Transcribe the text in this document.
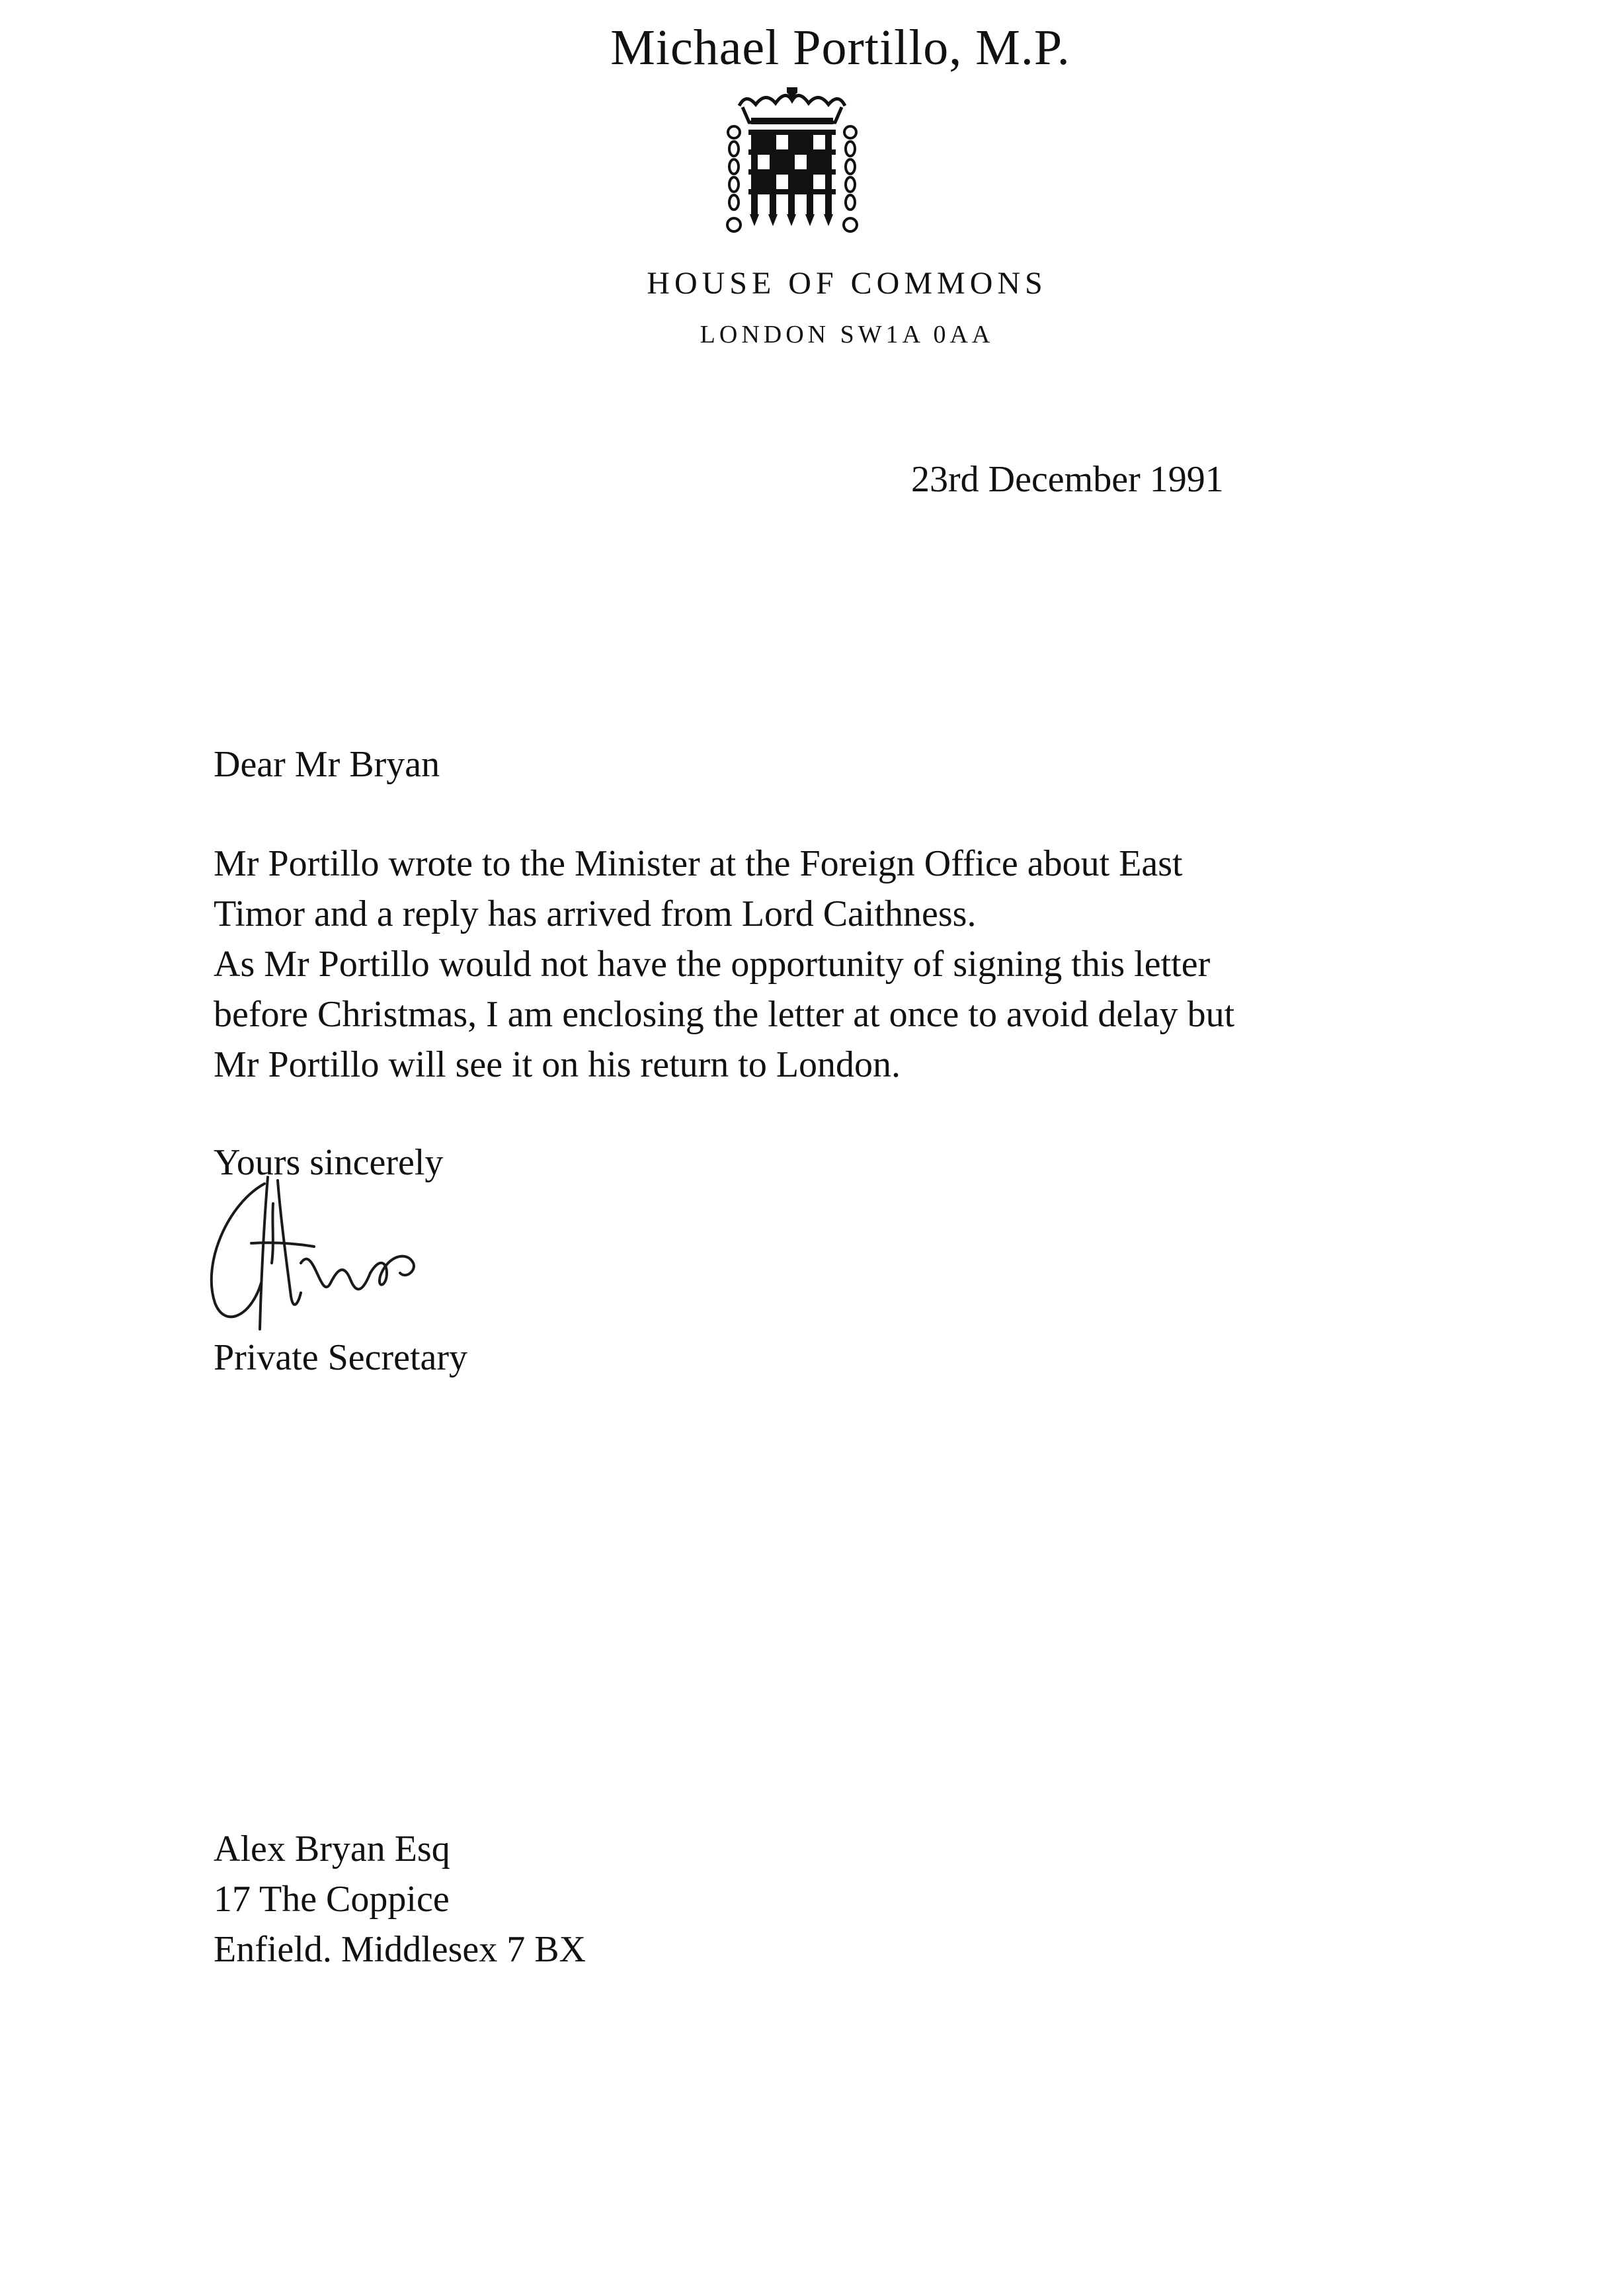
Michael Portillo, M.P.
HOUSE OF COMMONS
LONDON SW1A 0AA
23rd December 1991
Dear Mr Bryan
Mr Portillo wrote to the Minister at the Foreign Office about East
Timor and a reply has arrived from Lord Caithness.
As Mr Portillo would not have the opportunity of signing this letter
before Christmas, I am enclosing the letter at once to avoid delay but
Mr Portillo will see it on his return to London.
Yours sincerely
Private Secretary
Alex Bryan Esq
17 The Coppice
Enfield. Middlesex 7 BX
